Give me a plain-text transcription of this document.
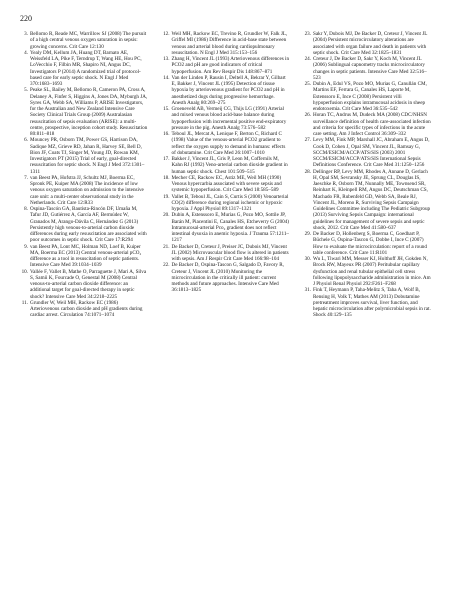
220
3. Bellomo R, Reade MC, Warrillow SJ (2008) The pursuit of a high central venous oxygen saturation in sepsis: growing concerns. Crit Care 12:130
4. Yealy DM, Kellum JA, Huang DT, Barnato AE, Weissfeld LA, Pike F, Terndrup T, Wang HE, Hou PC, LoVecchio F, Filbin MR, Shapiro NI, Angus DC, Investigators P (2014) A randomized trial of protocol-based care for early septic shock. N Engl J Med 370:1683–1693
5. Peake SL, Bailey M, Bellomo R, Cameron PA, Cross A, Delaney A, Finfer S, Higgins A, Jones DA, Myburgh JA, Syres GA, Webb SA, Williams P, ARISE Investigators, for the Australian and New Zealand Intensive Care Society Clinical Trials Group (2009) Australasian resuscitation of sepsis evaluation (ARISE): a multi-centre, prospective, inception cohort study. Resuscitation 80:811–818
6. Mouncey PR, Osborn TM, Power GS, Harrison DA, Sadique MZ, Grieve RD, Jahan R, Harvey SE, Bell D, Bion JF, Coats TJ, Singer M, Young JD, Rowan KM, Investigators PT (2015) Trial of early, goal-directed resuscitation for septic shock. N Engl J Med 372:1301–1311
7. van Beest PA, Hofstra JJ, Schultz MJ, Boerma EC, Spronk PE, Kuiper MA (2008) The incidence of low venous oxygen saturation on admission to the intensive care unit: a multi-center observational study in the Netherlands. Crit Care 12:R33
8. Ospina-Tascón GA, Bautista-Rincón DF, Umaña M, Tafur JD, Gutiérrez A, García AF, Bermúdez W, Granados M, Arango-Dávila C, Hernández G (2013) Persistently high venous-to-arterial carbon dioxide differences during early resuscitation are associated with poor outcomes in septic shock. Crit Care 17:R294
9. van Beest PA, Lont MC, Holman ND, Loef B, Kuiper MA, Boerma EC (2013) Central venous-arterial pCO₂ difference as a tool in resuscitation of septic patients. Intensive Care Med 39:1034–1039
10. Vallée F, Vallet B, Mathe O, Parraguette J, Mari A, Silva S, Samii K, Fourcade O, Genestal M (2008) Central venous-to-arterial carbon dioxide difference: an additional target for goal-directed therapy in septic shock? Intensive Care Med 34:2218–2225
11. Grundler W, Weil MH, Rackow EC (1986) Arteriovenous carbon dioxide and pH gradients during cardiac arrest. Circulation 74:1071–1074
12. Weil MH, Rackow EC, Trevino R, Grundler W, Falk JL, Griffel MI (1986) Difference in acid-base state between venous and arterial blood during cardiopulmonary resuscitation. N Engl J Med 315:153–156
13. Zhang H, Vincent JL (1993) Arteriovenous differences in PCO2 and pH are good indicators of critical hypoperfusion. Am Rev Respir Dis 148:867–871
14. Van der Linden P, Rausin I, Deltell A, Bekrar Y, Gilbart E, Bakker J, Vincent JL (1995) Detection of tissue hypoxia by arteriovenous gradient for PCO2 and pH in anesthetized dogs during progressive hemorrhage. Anesth Analg 80:269–275
15. Groeneveld AB, Vermeij CG, Thijs LG (1991) Arterial and mixed venous blood acid-base balance during hypoperfusion with incremental positive end-expiratory pressure in the pig. Anesth Analg 73:576–582
16. Teboul JL, Mercat A, Lenique F, Berton C, Richard C (1998) Value of the venous-arterial PCO2 gradient to reflect the oxygen supply to demand in humans: effects of dobutamine. Crit Care Med 26:1007–1010
17. Bakker J, Vincent JL, Gris P, Leon M, Coffernils M, Kahn RJ (1992) Veno-arterial carbon dioxide gradient in human septic shock. Chest 101:509–515
18. Mecher CE, Rackow EC, Astiz ME, Weil MH (1990) Venous hypercarbia associated with severe sepsis and systemic hypoperfusion. Crit Care Med 18:585–589
19. Vallet B, Teboul JL, Cain S, Curtis S (2000) Venoarterial CO(2) difference during regional ischemic or hypoxic hypoxia. J Appl Physiol 89:1317–1321
20. Dubin A, Estenssoro E, Murias G, Pozo MO, Sottile JP, Barán M, Piacentini E, Canales HS, Etcheverry G (2004) Intramucosal-arterial Pco₂ gradient does not reflect intestinal dysoxia in anemic hypoxia. J Trauma 57:1211–1217
21. De Backer D, Creteur J, Preiser JC, Dubois MJ, Vincent JL (2002) Microvascular blood flow is altered in patients with sepsis. Am J Respir Crit Care Med 166:98–104
22. De Backer D, Ospina-Tascon G, Salgado D, Favory R, Creteur J, Vincent JL (2010) Monitoring the microcirculation in the critically ill patient: current methods and future approaches. Intensive Care Med 36:1813–1825
23. Sakr Y, Dubois MJ, De Backer D, Creteur J, Vincent JL (2004) Persistent microcirculatory alterations are associated with organ failure and death in patients with septic shock. Crit Care Med 32:1825–1831
24. Creteur J, De Backer D, Sakr Y, Koch M, Vincent JL (2006) Sublingual capnometry tracks microcirculatory changes in septic patients. Intensive Care Med 32:516–523
25. Dubin A, Edul VS, Pozo MO, Murias G, Canullán CM, Martins EF, Ferrara G, Canales HS, Laporte M, Estenssoro E, Ince C (2008) Persistent villi hypoperfusion explains intramucosal acidosis in sheep endotoxemia. Crit Care Med 36:535–542
26. Horan TC, Andrus M, Dudeck MA (2008) CDC/NHSN surveillance definition of health care-associated infection and criteria for specific types of infections in the acute care setting. Am J Infect Control 36:309–332
27. Levy MM, Fink MP, Marshall JC, Abraham E, Angus D, Cook D, Cohen J, Opal SM, Vincent JL, Ramsay G, SCCM/ESICM/ACCP/ATS/SIS (2003) 2001 SCCM/ESICM/ACCP/ATS/SIS International Sepsis Definitions Conference. Crit Care Med 31:1250–1256
28. Dellinger RP, Levy MM, Rhodes A, Annane D, Gerlach H, Opal SM, Sevransky JE, Sprung CL, Douglas IS, Jaeschke R, Osborn TM, Nunnally ME, Townsend SR, Reinhart K, Kleinpell RM, Angus DC, Deutschman CS, Machado FR, Rubenfeld GD, Webb SA, Beale RJ, Vincent JL, Moreno R, Surviving Sepsis Campaign Guidelines Committee including The Pediatric Subgroup (2013) Surviving Sepsis Campaign: international guidelines for management of severe sepsis and septic shock, 2012. Crit Care Med 41:580–637
29. De Backer D, Hollenberg S, Boerma C, Goedhart P, Büchele G, Ospina-Tascon G, Dobbe I, Ince C (2007) How to evaluate the microcirculation: report of a round table conference. Crit Care 11:R101
30. Wu L, Tiwari MM, Messer KJ, Holthoff JH, Gokden N, Brock RW, Mayeux PR (2007) Peritubular capillary dysfunction and renal tubular epithelial cell stress following lipopolysaccharide administration in mice. Am J Physiol Renal Physiol 292:F261–F268
31. Fink T, Heymann P, Taha-Melitz S, Taha A, Wolf B, Rensing H, Volk T, Mathes AM (2013) Dobutamine pretreatment improves survival, liver function, and hepatic microcirculation after polymicrobial sepsis in rat. Shock 40:129–135
